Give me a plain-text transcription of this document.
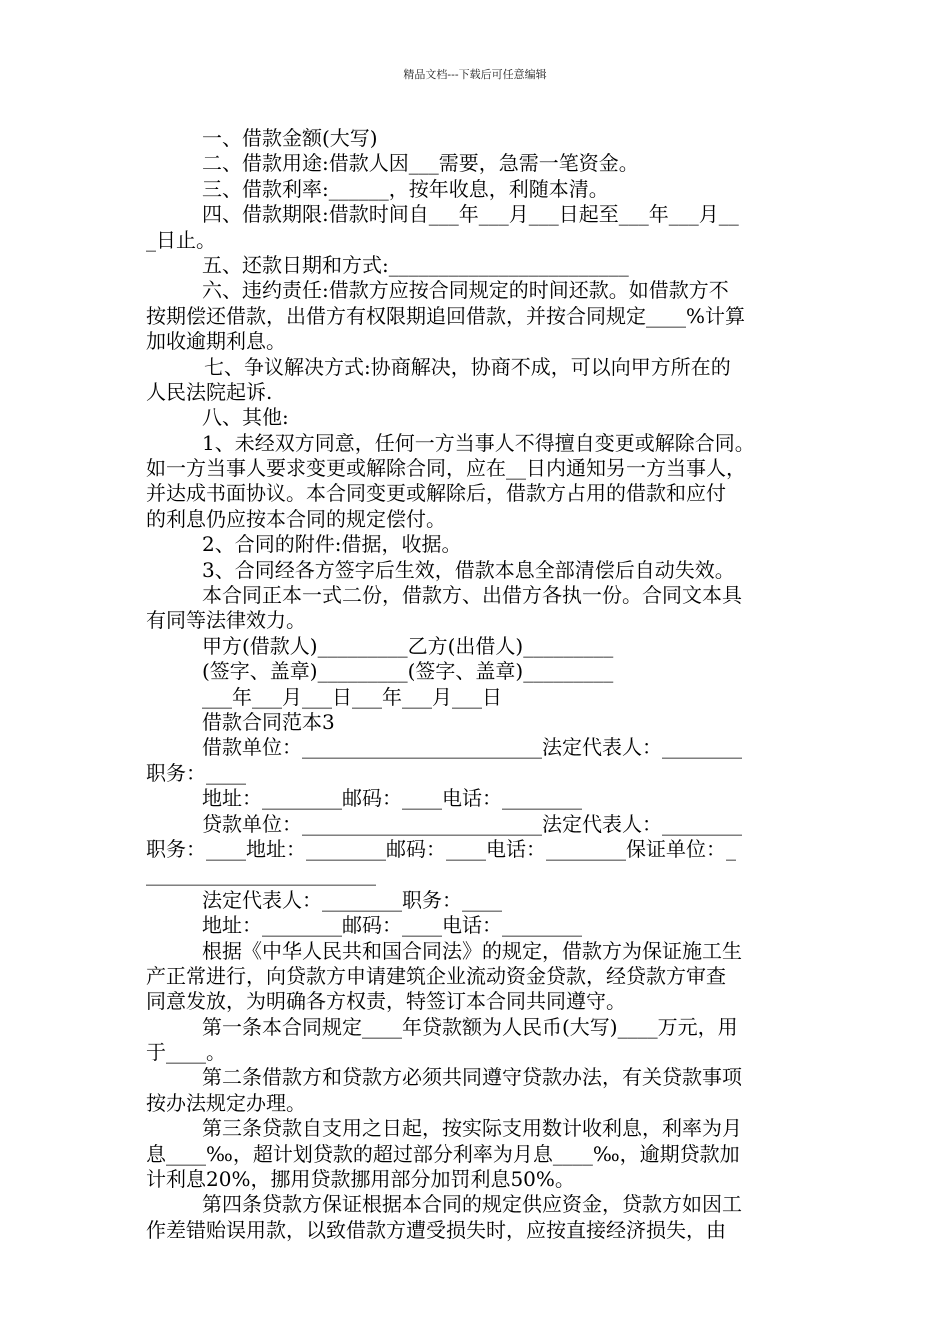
精品文档---下载后可任意编辑
一、借款金额(大写)
二、借款用途:借款人因___需要，急需一笔资金。
三、借款利率:______，按年收息，利随本清。
四、借款期限:借款时间自___年___月___日起至___年___月__
_日止。
五、还款日期和方式:________________________
六、违约责任:借款方应按合同规定的时间还款。如借款方不
按期偿还借款，出借方有权限期追回借款，并按合同规定____%计算
加收逾期利息。
七、争议解决方式:协商解决，协商不成，可以向甲方所在的
人民法院起诉.
八、其他:
1、未经双方同意，任何一方当事人不得擅自变更或解除合同。
如一方当事人要求变更或解除合同，应在__日内通知另一方当事人，
并达成书面协议。本合同变更或解除后，借款方占用的借款和应付
的利息仍应按本合同的规定偿付。
2、合同的附件:借据，收据。
3、合同经各方签字后生效，借款本息全部清偿后自动失效。
本合同正本一式二份，借款方、出借方各执一份。合同文本具
有同等法律效力。
甲方(借款人)_________乙方(出借人)_________
(签字、盖章)_________(签字、盖章)_________
___年___月___日___年___月___日
借款合同范本3
借款单位：________________________法定代表人：________
职务：____
地址：________邮码：____电话：________
贷款单位：________________________法定代表人：________
职务：____地址：________邮码：____电话：________保证单位：_
_______________________
法定代表人：________职务：____
地址：________邮码：____电话：________
根据《中华人民共和国合同法》的规定，借款方为保证施工生
产正常进行，向贷款方申请建筑企业流动资金贷款，经贷款方审查
同意发放，为明确各方权责，特签订本合同共同遵守。
第一条本合同规定____年贷款额为人民币(大写)____万元，用
于____。
第二条借款方和贷款方必须共同遵守贷款办法，有关贷款事项
按办法规定办理。
第三条贷款自支用之日起，按实际支用数计收利息，利率为月
息____‰，超计划贷款的超过部分利率为月息____‰，逾期贷款加
计利息20%，挪用贷款挪用部分加罚利息50%。
第四条贷款方保证根据本合同的规定供应资金，贷款方如因工
作差错贻误用款，以致借款方遭受损失时，应按直接经济损失，由
